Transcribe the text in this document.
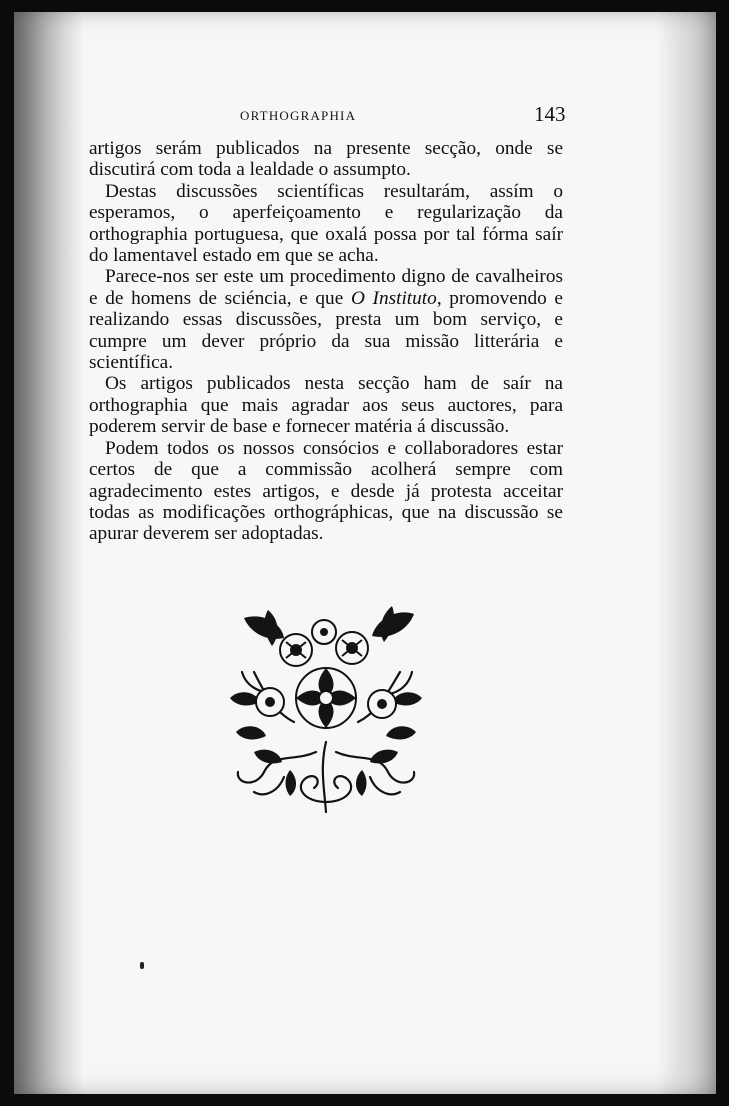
ORTHOGRAPHIA	143

artigos serám publicados na presente secção, onde se discutirá com toda a lealdade o assumpto.

Destas discussões scientíficas resultarám, assím o esperamos, o aperfeiçoamento e regularização da orthographia portuguesa, que oxalá possa por tal fórma saír do lamentavel estado em que se acha.

Parece-nos ser este um procedimento digno de cavalheiros e de homens de sciéncia, e que O Instituto, promovendo e realizando essas discussões, presta um bom serviço, e cumpre um dever próprio da sua missão litterária e scientífica.

Os artigos publicados nesta secção ham de saír na orthographia que mais agradar aos seus auctores, para poderem servir de base e fornecer matéria á discussão.

Podem todos os nossos consócios e collaboradores estar certos de que a commissão acolherá sempre com agradecimento estes artigos, e desde já protesta acceitar todas as modificações orthográphicas, que na discussão se apurar deverem ser adoptadas.
